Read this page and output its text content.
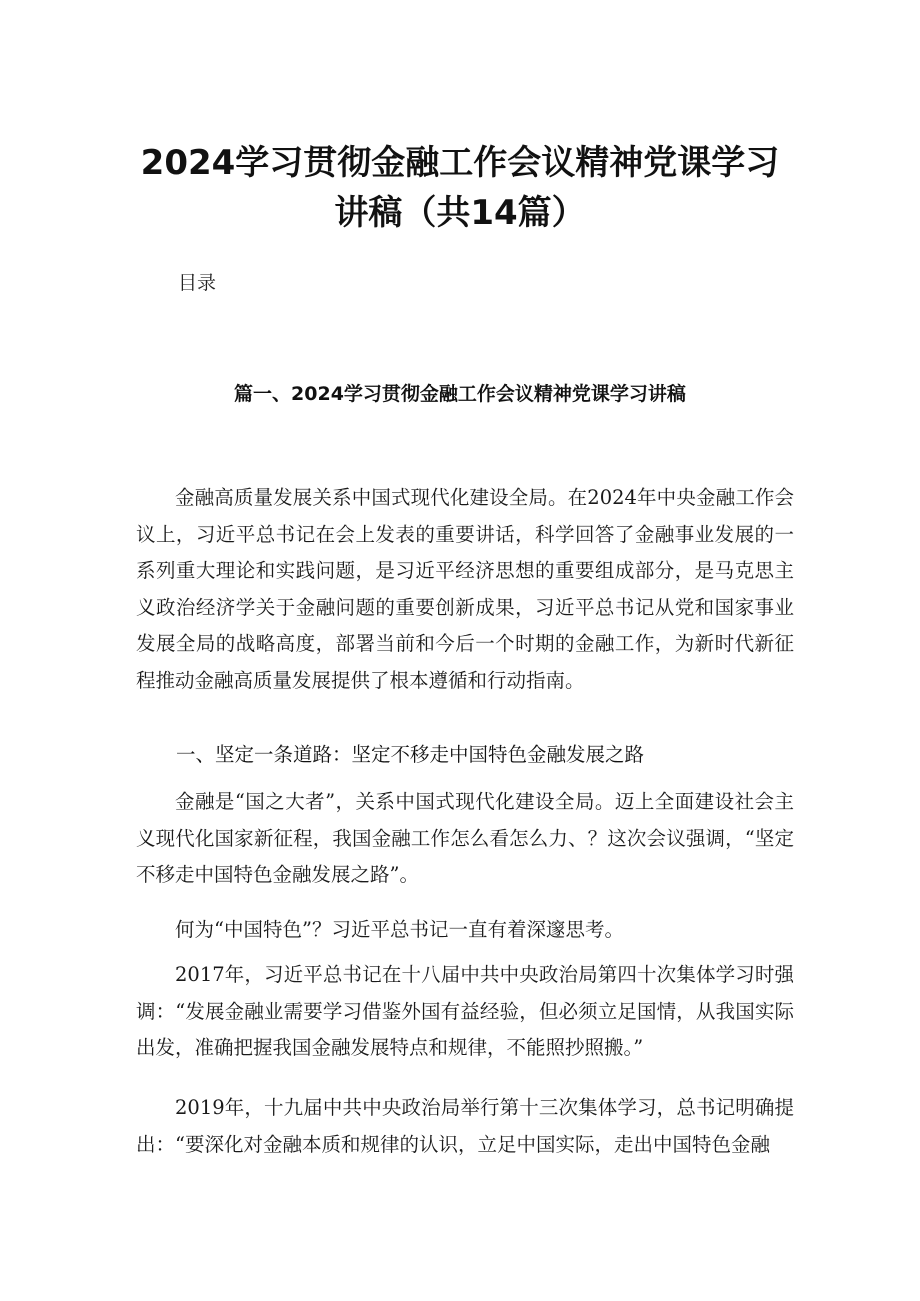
2024学习贯彻金融工作会议精神党课学习
讲稿（共14篇）
目录
篇一、2024学习贯彻金融工作会议精神党课学习讲稿

金融高质量发展关系中国式现代化建设全局。在2024年中央金融工作会议上，习近平总书记在会上发表的重要讲话，科学回答了金融事业发展的一系列重大理论和实践问题，是习近平经济思想的重要组成部分，是马克思主义政治经济学关于金融问题的重要创新成果，习近平总书记从党和国家事业发展全局的战略高度，部署当前和今后一个时期的金融工作，为新时代新征程推动金融高质量发展提供了根本遵循和行动指南。

一、坚定一条道路：坚定不移走中国特色金融发展之路

金融是“国之大者”，关系中国式现代化建设全局。迈上全面建设社会主义现代化国家新征程，我国金融工作怎么看怎么力、？这次会议强调，“坚定不移走中国特色金融发展之路”。

何为“中国特色”？习近平总书记一直有着深邃思考。

2017年，习近平总书记在十八届中共中央政治局第四十次集体学习时强调：“发展金融业需要学习借鉴外国有益经验，但必须立足国情，从我国实际出发，准确把握我国金融发展特点和规律，不能照抄照搬。”

2019年，十九届中共中央政治局举行第十三次集体学习，总书记明确提出：“要深化对金融本质和规律的认识，立足中国实际，走出中国特色金融
